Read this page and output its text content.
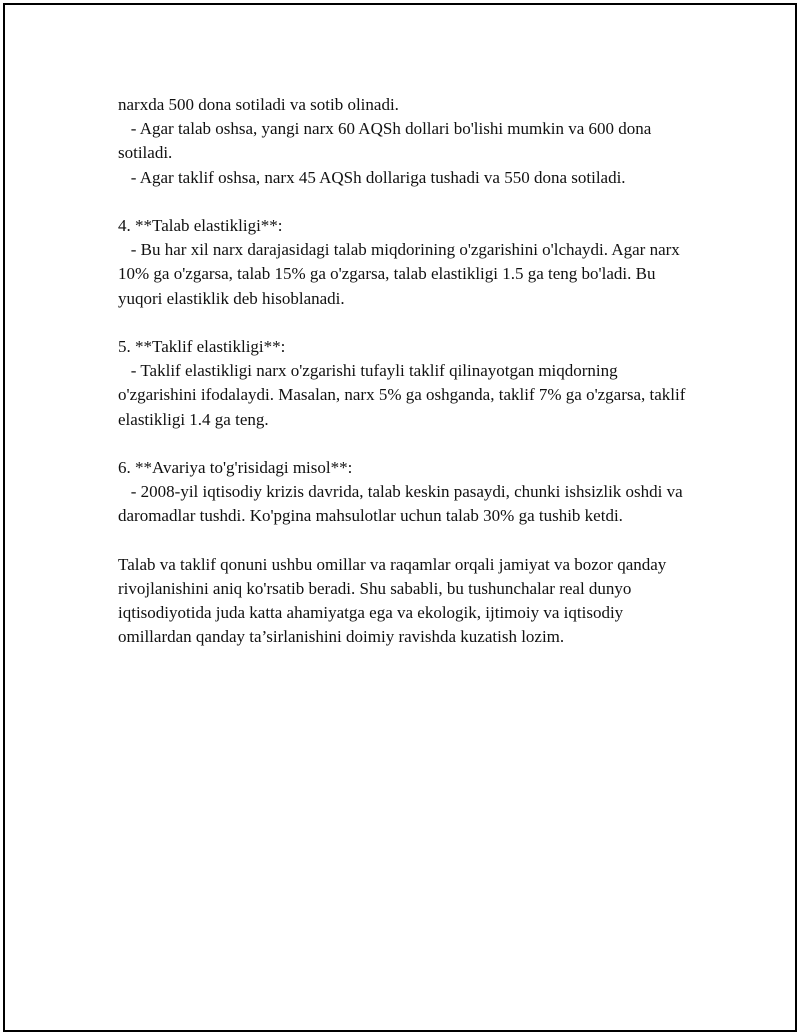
narxda 500 dona sotiladi va sotib olinadi.

- Agar talab oshsa, yangi narx 60 AQSh dollari bo'lishi mumkin va 600 dona sotiladi.

- Agar taklif oshsa, narx 45 AQSh dollariga tushadi va 550 dona sotiladi.

4. **Talab elastikligi**:

- Bu har xil narx darajasidagi talab miqdorining o'zgarishini o'lchaydi. Agar narx 10% ga o'zgarsa, talab 15% ga o'zgarsa, talab elastikligi 1.5 ga teng bo'ladi. Bu yuqori elastiklik deb hisoblanadi.

5. **Taklif elastikligi**:

- Taklif elastikligi narx o'zgarishi tufayli taklif qilinayotgan miqdorning o'zgarishini ifodalaydi. Masalan, narx 5% ga oshganda, taklif 7% ga o'zgarsa, taklif elastikligi 1.4 ga teng.

6. **Avariya to'g'risidagi misol**:

- 2008-yil iqtisodiy krizis davrida, talab keskin pasaydi, chunki ishsizlik oshdi va daromadlar tushdi. Ko'pgina mahsulotlar uchun talab 30% ga tushib ketdi.

Talab va taklif qonuni ushbu omillar va raqamlar orqali jamiyat va bozor qanday rivojlanishini aniq ko'rsatib beradi. Shu sababli, bu tushunchalar real dunyo iqtisodiyotida juda katta ahamiyatga ega va ekologik, ijtimoiy va iqtisodiy omillardan qanday ta’sirlanishini doimiy ravishda kuzatish lozim.
